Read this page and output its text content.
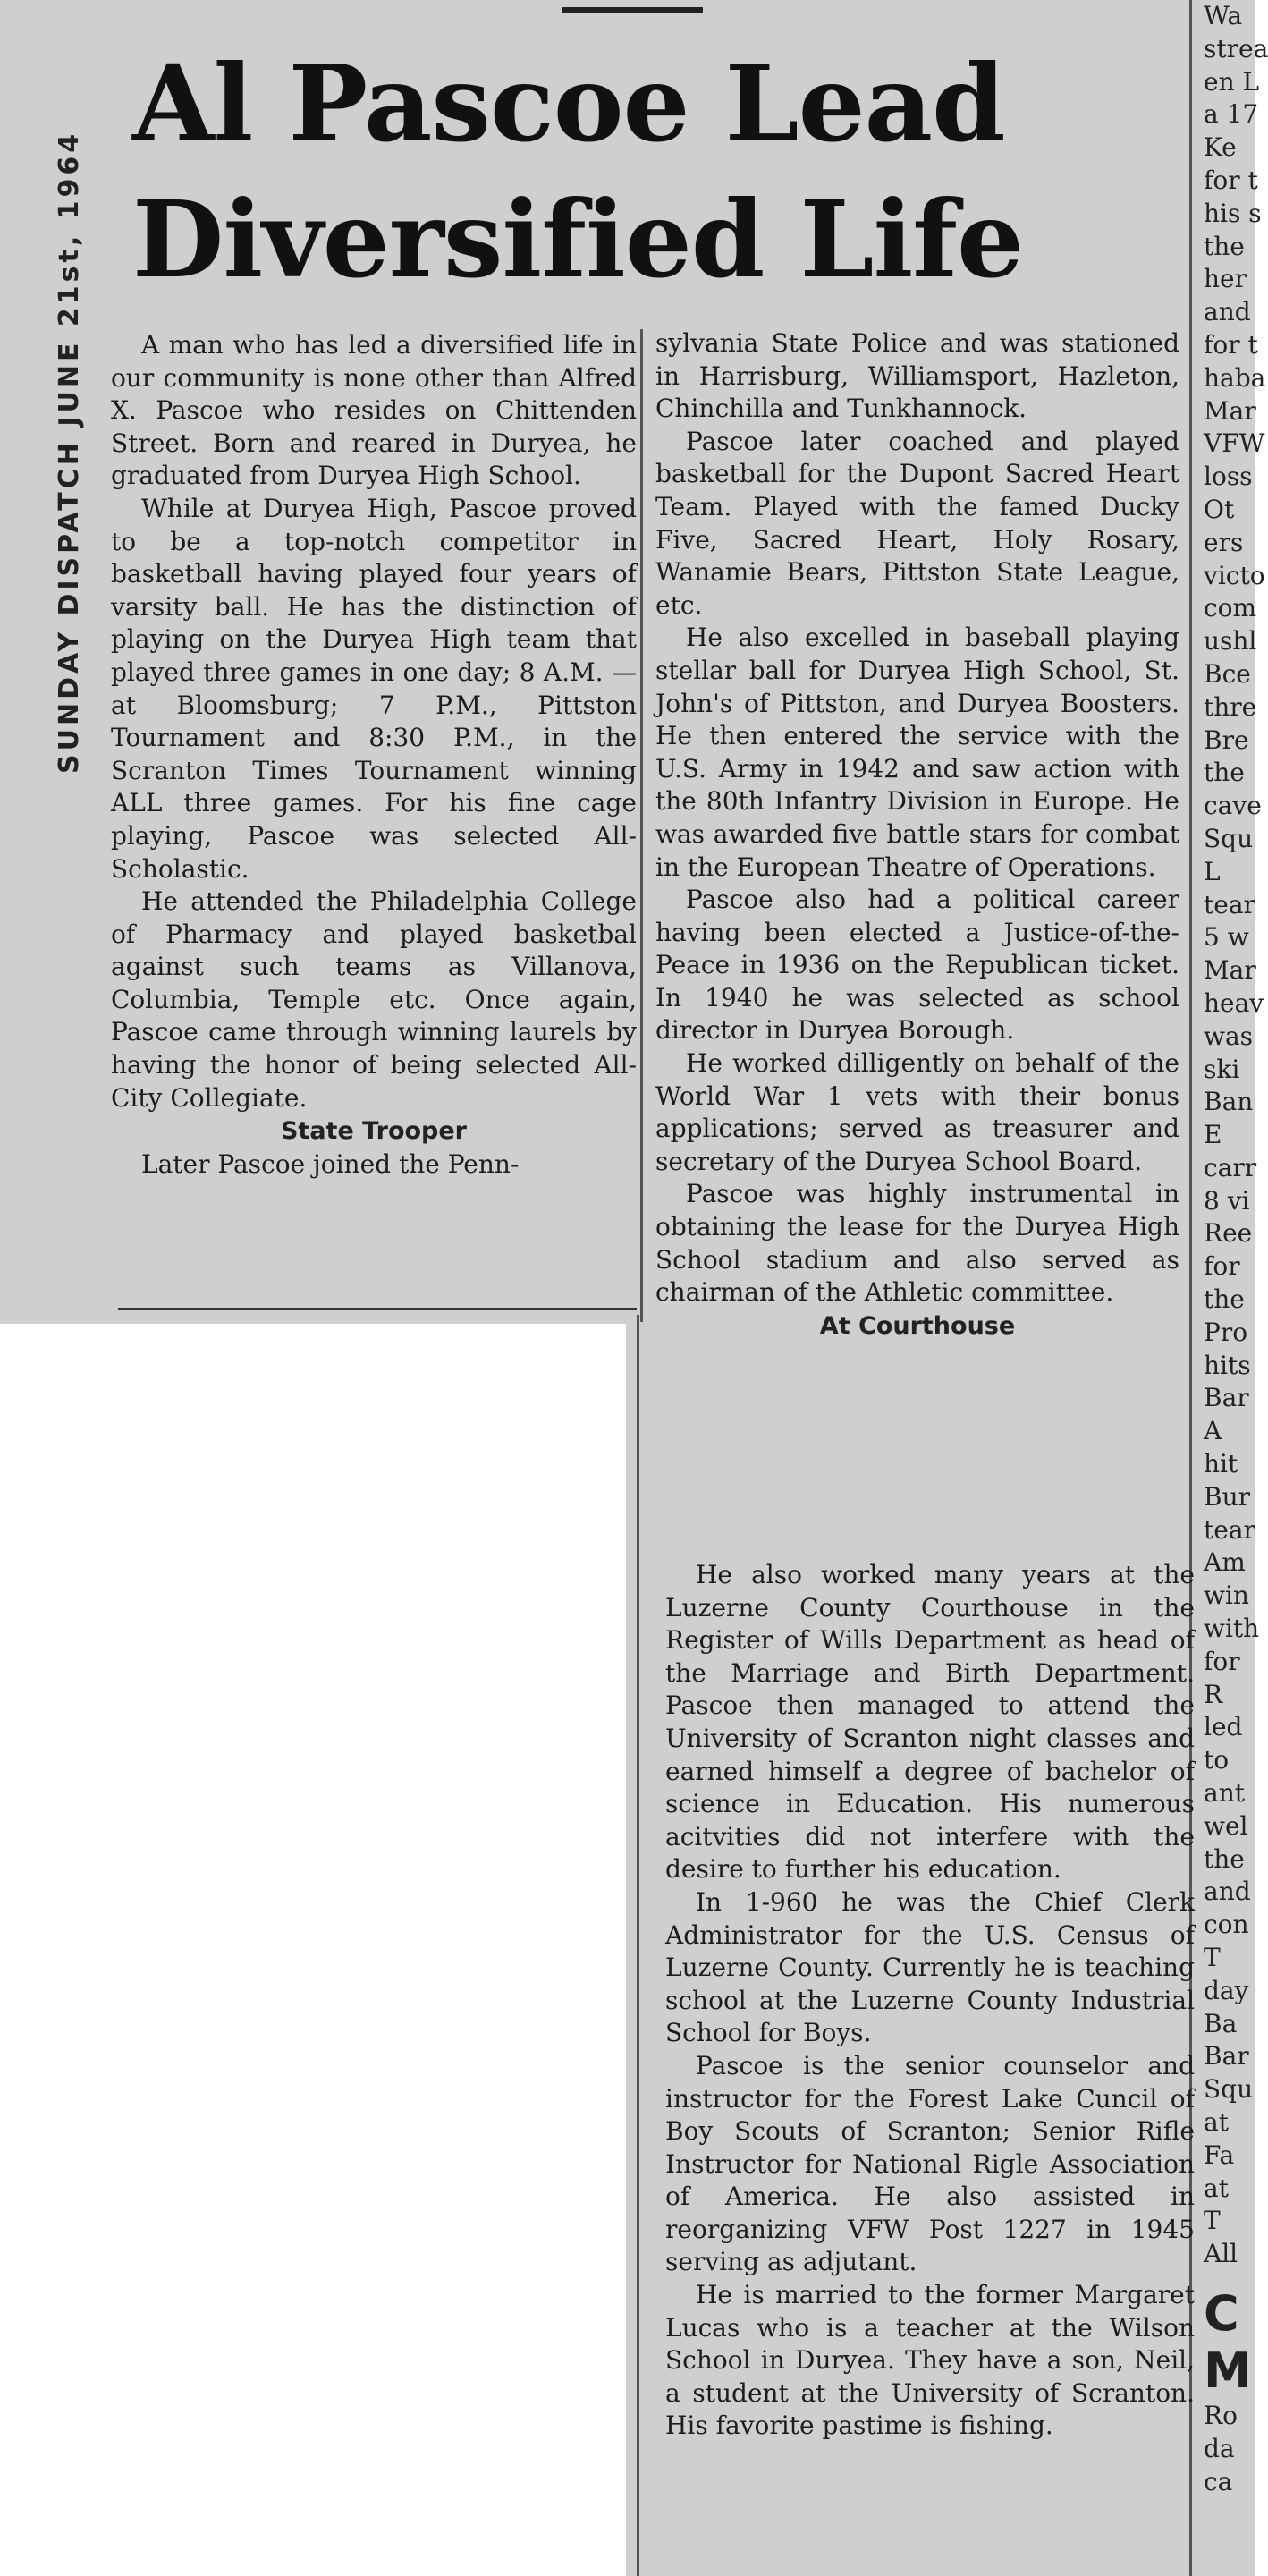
SUNDAY DISPATCH JUNE 21st, 1964
Al Pascoe Lead
Diversified Life

A man who has led a diversified life in our community is none other than Alfred X. Pascoe who resides on Chittenden Street. Born and reared in Duryea, he graduated from Duryea High School.

While at Duryea High, Pascoe proved to be a top-notch competitor in basketball having played four years of varsity ball. He has the distinction of playing on the Duryea High team that played three games in one day; 8 A.M. — at Bloomsburg; 7 P.M., Pittston Tournament and 8:30 P.M., in the Scranton Times Tournament winning ALL three games. For his fine cage playing, Pascoe was selected All-Scholastic.

He attended the Philadelphia College of Pharmacy and played basketbal against such teams as Villanova, Columbia, Temple etc. Once again, Pascoe came through winning laurels by having the honor of being selected All-City Collegiate.

State Trooper

Later Pascoe joined the Penn-

sylvania State Police and was stationed in Harrisburg, Williamsport, Hazleton, Chinchilla and Tunkhannock.

Pascoe later coached and played basketball for the Dupont Sacred Heart Team. Played with the famed Ducky Five, Sacred Heart, Holy Rosary, Wanamie Bears, Pittston State League, etc.

He also excelled in baseball playing stellar ball for Duryea High School, St. John's of Pittston, and Duryea Boosters. He then entered the service with the U.S. Army in 1942 and saw action with the 80th Infantry Division in Europe. He was awarded five battle stars for combat in the European Theatre of Operations.

Pascoe also had a political career having been elected a Justice-of-the-Peace in 1936 on the Republican ticket. In 1940 he was selected as school director in Duryea Borough.

He worked dilligently on behalf of the World War 1 vets with their bonus applications; served as treasurer and secretary of the Duryea School Board.

Pascoe was highly instrumental in obtaining the lease for the Duryea High School stadium and also served as chairman of the Athletic committee.

At Courthouse

He also worked many years at the Luzerne County Courthouse in the Register of Wills Department as head of the Marriage and Birth Department. Pascoe then managed to attend the University of Scranton night classes and earned himself a degree of bachelor of science in Education. His numerous acitvities did not interfere with the desire to further his education.

In 1-960 he was the Chief Clerk Administrator for the U.S. Census of Luzerne County. Currently he is teaching school at the Luzerne County Industrial School for Boys.

Pascoe is the senior counselor and instructor for the Forest Lake Cuncil of Boy Scouts of Scranton; Senior Rifle Instructor for National Rigle Association of America. He also assisted in reorganizing VFW Post 1227 in 1945 serving as adjutant.

He is married to the former Margaret Lucas who is a teacher at the Wilson School in Duryea. They have a son, Neil, a student at the University of Scranton. His favorite pastime is fishing.

Wa
strea
en L
a 17
Ke
for t
his s
the
her
and
for t
haba
Mar
VFW
loss
Ot
ers
victo
com
ushl
Bce
thre
Bre
the
cave
Squ
L
tear
5 w
Mar
heav
was
ski
Ban
E
carr
8 vi
Ree
for
the
Pro
hits
Bar
A
hit
Bur
tear
Am
win
with
for
R
led
to
ant
wel
the
and
con
T
day
Ba
Bar
Squ
at
Fa
at
T
All
C
M
Ro
da
ca
